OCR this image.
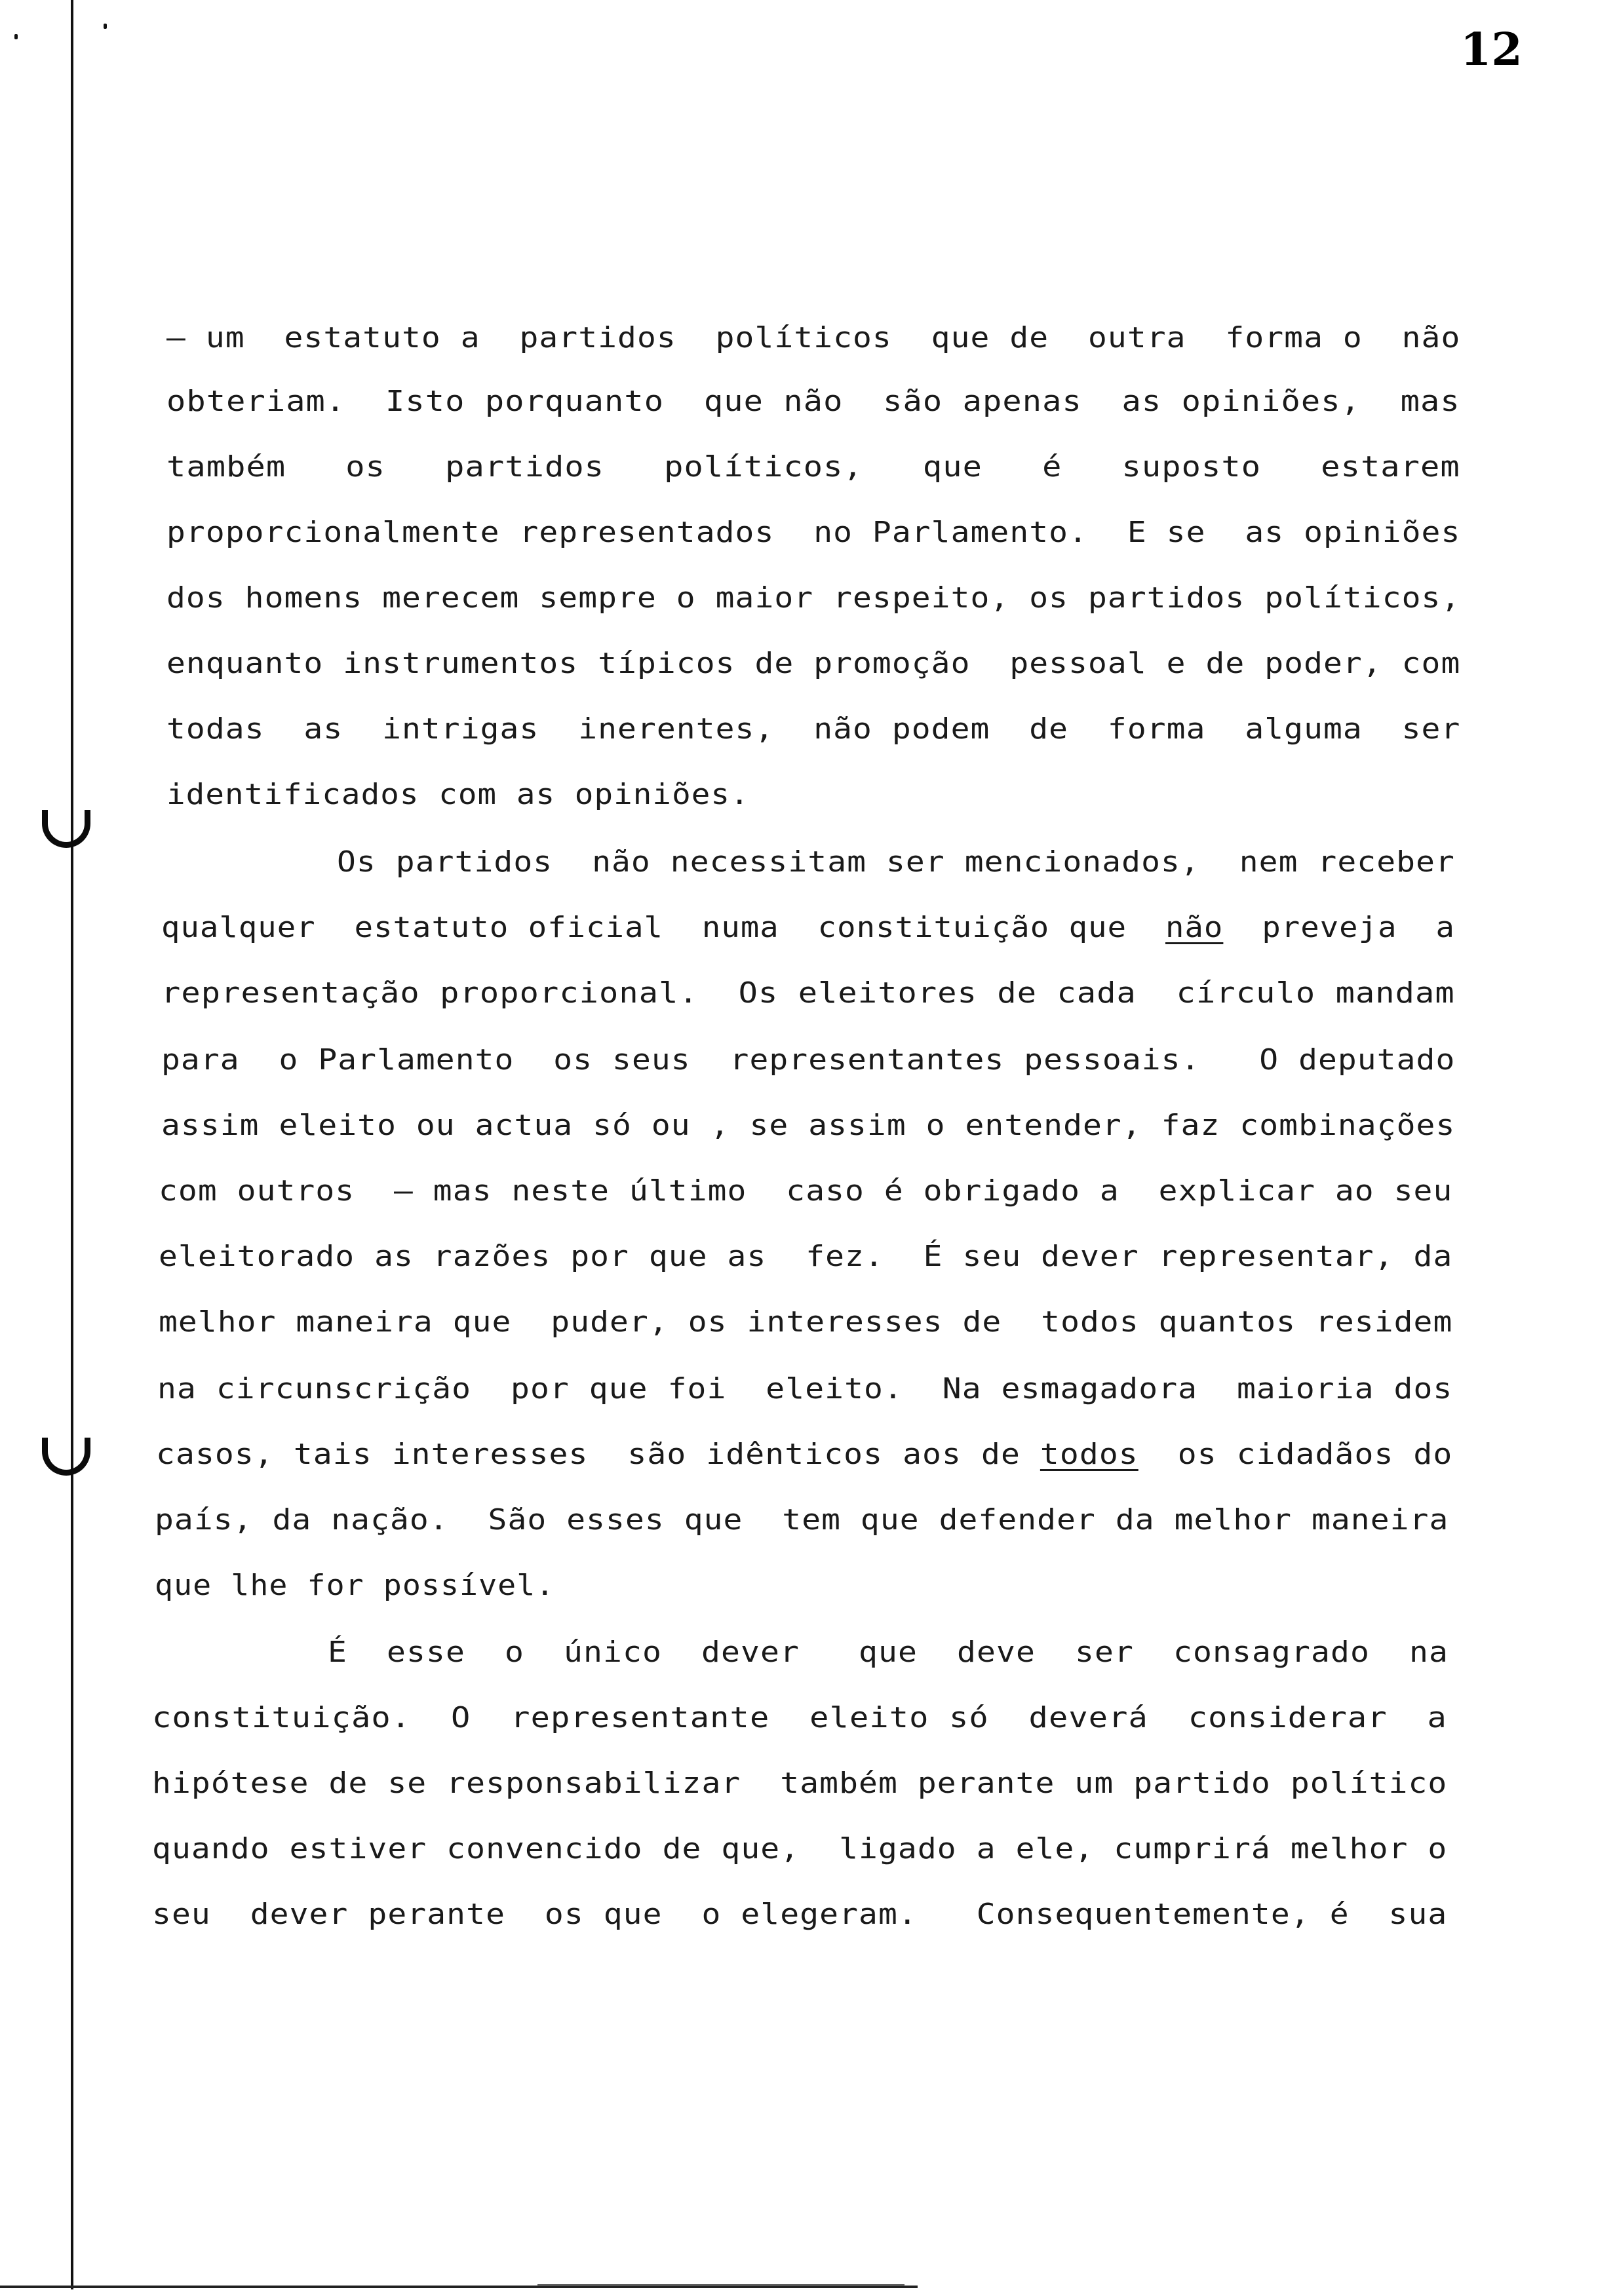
12
– um  estatuto a  partidos  políticos  que de  outra  forma o  não
obteriam.  Isto porquanto  que não  são apenas  as opiniões,  mas
também   os   partidos   políticos,   que   é   suposto   estarem
proporcionalmente representados  no Parlamento.  E se  as opiniões
dos homens merecem sempre o maior respeito, os partidos políticos,
enquanto instrumentos típicos de promoção  pessoal e de poder, com
todas  as  intrigas  inerentes,  não podem  de  forma  alguma  ser
identificados com as opiniões.
Os partidos  não necessitam ser mencionados,  nem receber
qualquer  estatuto oficial  numa  constituição que  não  preveja  a
representação proporcional.  Os eleitores de cada  círculo mandam
para  o Parlamento  os seus  representantes pessoais.   O deputado
assim eleito ou actua só ou , se assim o entender, faz combinações
com outros  – mas neste último  caso é obrigado a  explicar ao seu
eleitorado as razões por que as  fez.  É seu dever representar, da
melhor maneira que  puder, os interesses de  todos quantos residem
na circunscrição  por que foi  eleito.  Na esmagadora  maioria dos
casos, tais interesses  são idênticos aos de todos  os cidadãos do
país, da nação.  São esses que  tem que defender da melhor maneira
que lhe for possível.
É  esse  o  único  dever   que  deve  ser  consagrado  na
constituição.  O  representante  eleito só  deverá  considerar  a
hipótese de se responsabilizar  também perante um partido político
quando estiver convencido de que,  ligado a ele, cumprirá melhor o
seu  dever perante  os que  o elegeram.   Consequentemente, é  sua
